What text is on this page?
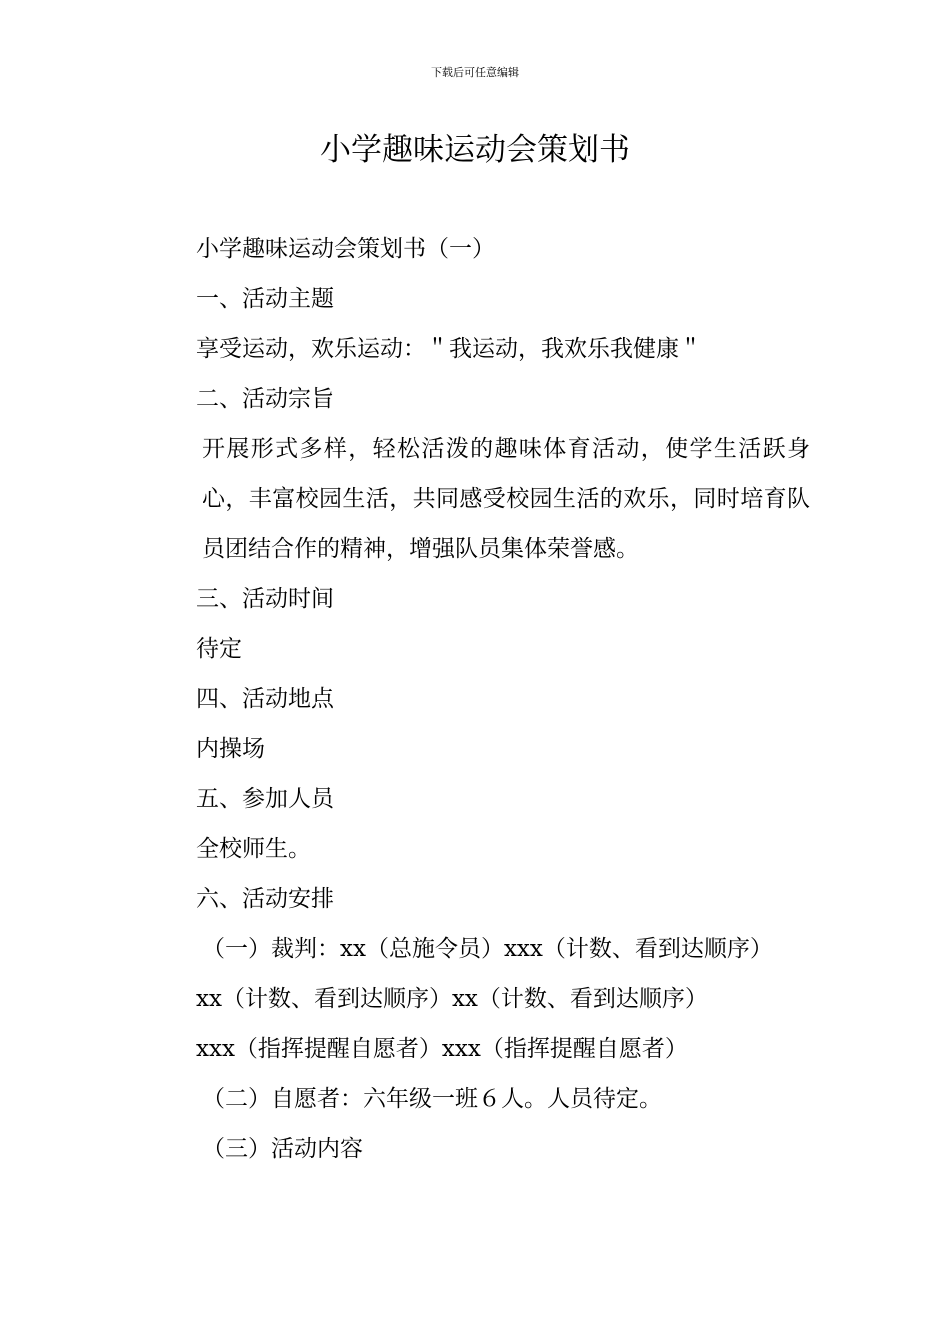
下载后可任意编辑
小学趣味运动会策划书

小学趣味运动会策划书（一）

一、活动主题

享受运动，欢乐运动：＂我运动，我欢乐我健康＂

二、活动宗旨

开展形式多样，轻松活泼的趣味体育活动，使学生活跃身心，丰富校园生活，共同感受校园生活的欢乐，同时培育队员团结合作的精神，增强队员集体荣誉感。

三、活动时间

待定

四、活动地点

内操场

五、参加人员

全校师生。

六、活动安排

（一）裁判：xx（总施令员）xxx（计数、看到达顺序）

xx（计数、看到达顺序）xx（计数、看到达顺序）

xxx（指挥提醒自愿者）xxx（指挥提醒自愿者）

（二）自愿者：六年级一班６人。人员待定。

（三）活动内容
